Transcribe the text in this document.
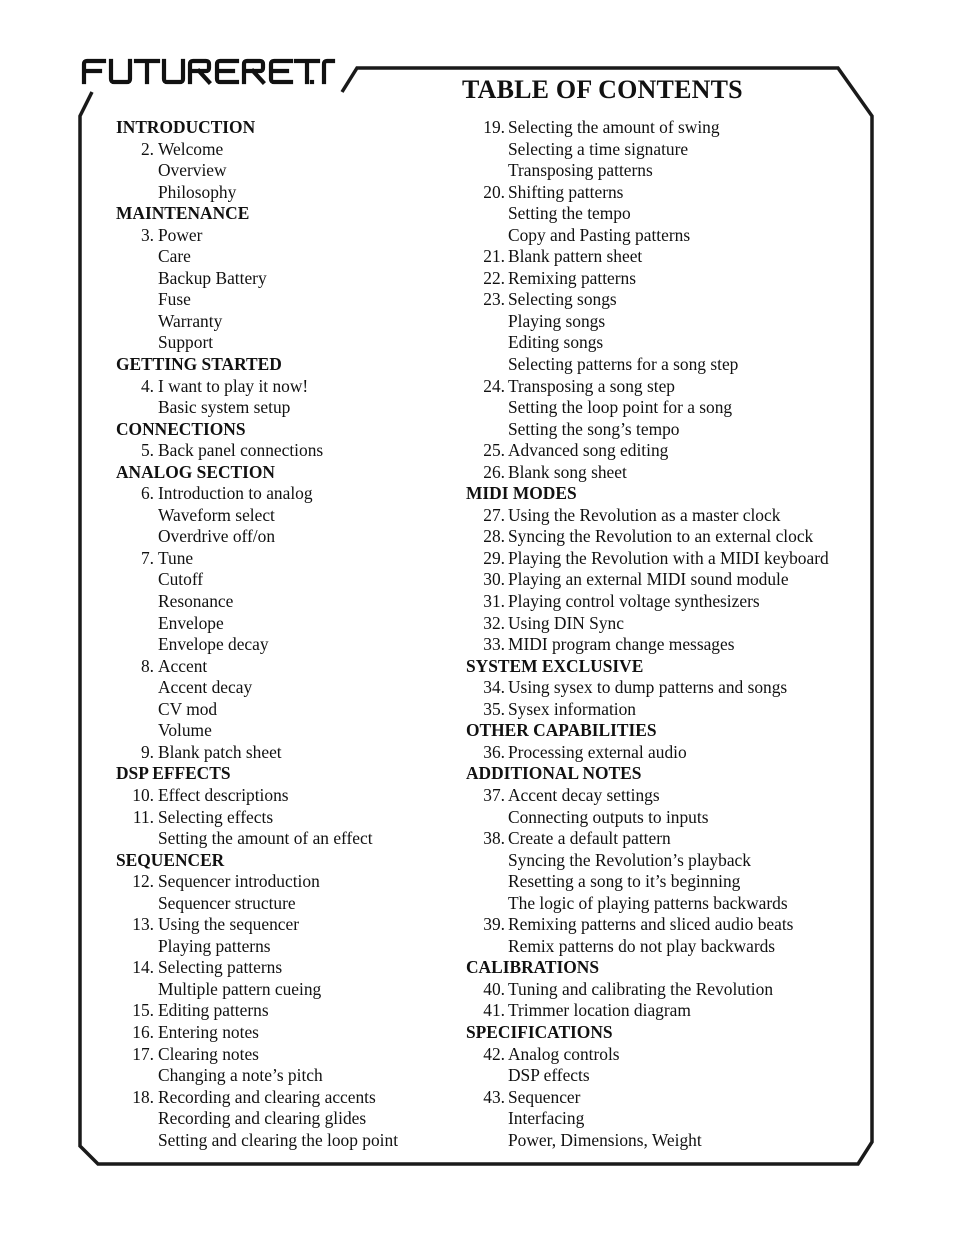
TABLE OF CONTENTS
INTRODUCTION
2. Welcome
Overview
Philosophy
MAINTENANCE
3. Power
Care
Backup Battery
Fuse
Warranty
Support
GETTING STARTED
4. I want to play it now!
Basic system setup
CONNECTIONS
5. Back panel connections
ANALOG SECTION
6. Introduction to analog
Waveform select
Overdrive off/on
7. Tune
Cutoff
Resonance
Envelope
Envelope decay
8. Accent
Accent decay
CV mod
Volume
9. Blank patch sheet
DSP EFFECTS
10. Effect descriptions
11. Selecting effects
Setting the amount of an effect
SEQUENCER
12. Sequencer introduction
Sequencer structure
13. Using the sequencer
Playing patterns
14. Selecting patterns
Multiple pattern cueing
15. Editing patterns
16. Entering notes
17. Clearing notes
Changing a note’s pitch
18. Recording and clearing accents
Recording and clearing glides
Setting and clearing the loop point
19. Selecting the amount of swing
Selecting a time signature
Transposing patterns
20. Shifting patterns
Setting the tempo
Copy and Pasting patterns
21. Blank pattern sheet
22. Remixing patterns
23. Selecting songs
Playing songs
Editing songs
Selecting patterns for a song step
24. Transposing a song step
Setting the loop point for a song
Setting the song’s tempo
25. Advanced song editing
26. Blank song sheet
MIDI MODES
27. Using the Revolution as a master clock
28. Syncing the Revolution to an external clock
29. Playing the Revolution with a MIDI keyboard
30. Playing an external MIDI sound module
31. Playing control voltage synthesizers
32. Using DIN Sync
33. MIDI program change messages
SYSTEM EXCLUSIVE
34. Using sysex to dump patterns and songs
35. Sysex information
OTHER CAPABILITIES
36. Processing external audio
ADDITIONAL NOTES
37. Accent decay settings
Connecting outputs to inputs
38. Create a default pattern
Syncing the Revolution’s playback
Resetting a song to it’s beginning
The logic of playing patterns backwards
39. Remixing patterns and sliced audio beats
Remix patterns do not play backwards
CALIBRATIONS
40. Tuning and calibrating the Revolution
41. Trimmer location diagram
SPECIFICATIONS
42. Analog controls
DSP effects
43. Sequencer
Interfacing
Power, Dimensions, Weight
